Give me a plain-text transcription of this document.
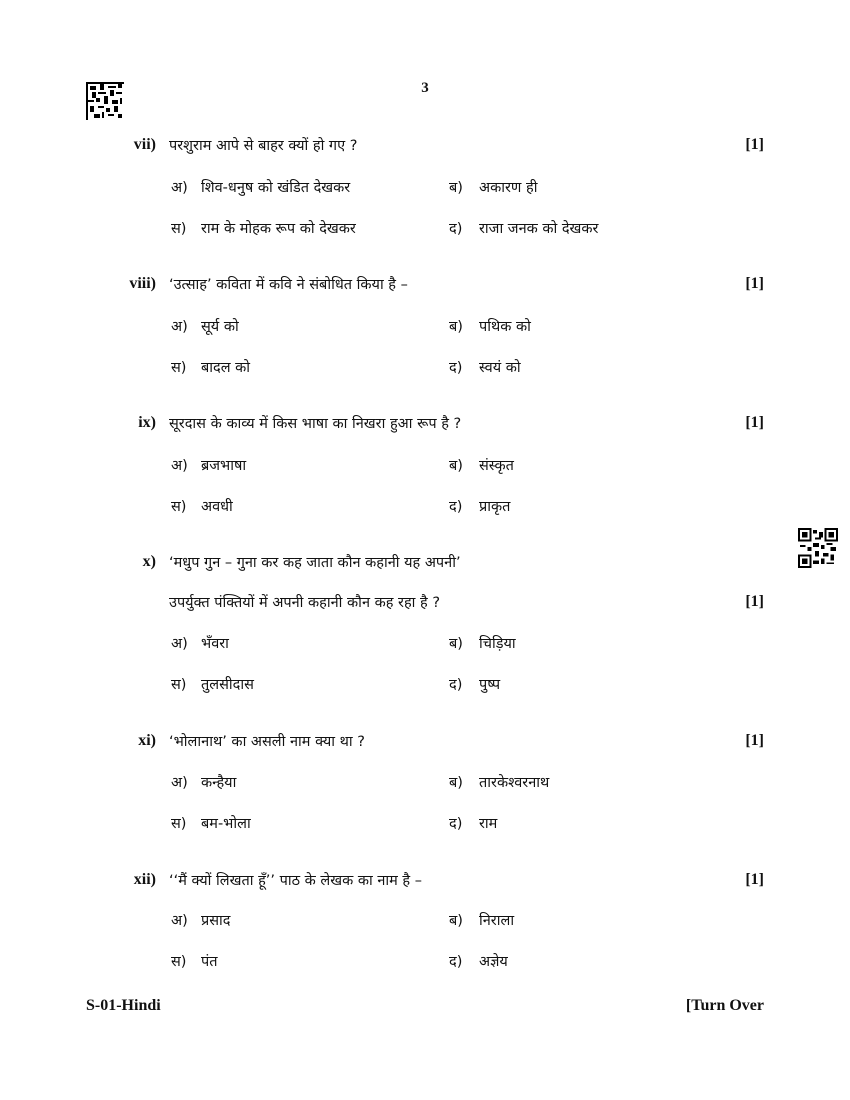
3
vii) परशुराम आपे से बाहर क्यों हो गए ?	[1]
अ) शिव-धनुष को खंडित देखकर	ब) अकारण ही
स) राम के मोहक रूप को देखकर	द) राजा जनक को देखकर
viii) ‘उत्साह’ कविता में कवि ने संबोधित किया है –	[1]
अ) सूर्य को	ब) पथिक को
स) बादल को	द) स्वयं को
ix) सूरदास के काव्य में किस भाषा का निखरा हुआ रूप है ?	[1]
अ) ब्रजभाषा	ब) संस्कृत
स) अवधी	द) प्राकृत
x) ‘मधुप गुन – गुना कर कह जाता कौन कहानी यह अपनी’
उपर्युक्त पंक्तियों में अपनी कहानी कौन कह रहा है ?	[1]
अ) भँवरा	ब) चिड़िया
स) तुलसीदास	द) पुष्प
xi) ‘भोलानाथ’ का असली नाम क्या था ?	[1]
अ) कन्हैया	ब) तारकेश्वरनाथ
स) बम-भोला	द) राम
xii) ‘‘मैं क्यों लिखता हूँ’’ पाठ के लेखक का नाम है –	[1]
अ) प्रसाद	ब) निराला
स) पंत	द) अज्ञेय
S-01-Hindi	[Turn Over
